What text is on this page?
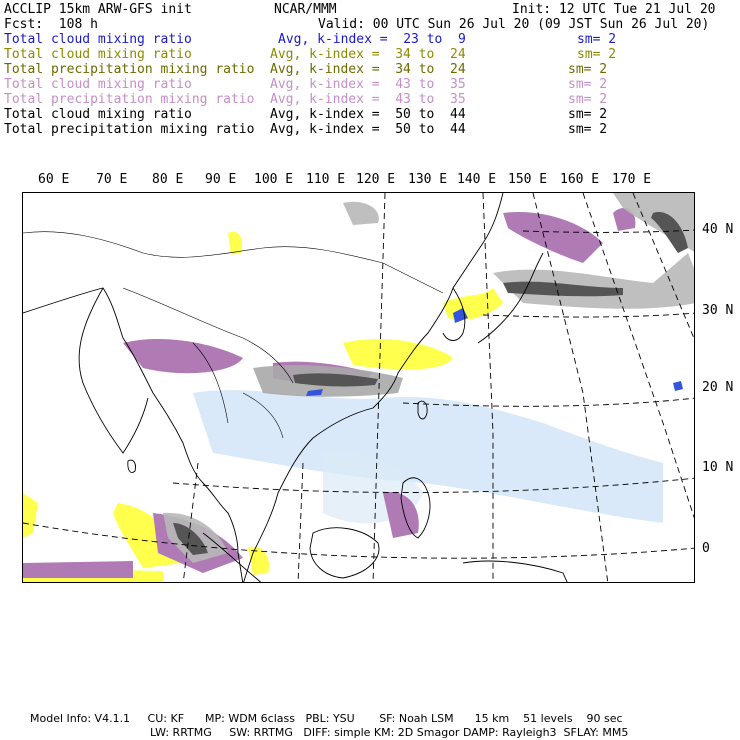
ACCLIP 15km ARW-GFS init	NCAR/MMM	Init: 12 UTC Tue 21 Jul 20
Fcst:  108 h	Valid: 00 UTC Sun 26 Jul 20 (09 JST Sun 26 Jul 20)
Total cloud mixing ratio	Avg, k-index =  23 to  9	sm= 2
Total cloud mixing ratio	Avg, k-index =  34 to  24	sm= 2
Total precipitation mixing ratio Avg, k-index =  34 to  24	sm= 2
Total cloud mixing ratio	Avg, k-index =  43 to  35	sm= 2
Total precipitation mixing ratio Avg, k-index =  43 to  35	sm= 2
Total cloud mixing ratio	Avg, k-index =  50 to  44	sm= 2
Total precipitation mixing ratio Avg, k-index =  50 to  44	sm= 2
60 E 70 E 80 E 90 E 100 E 110 E 120 E 130 E 140 E 150 E 160 E 170 E
40 N
30 N
20 N
10 N
0
Model Info: V4.1.1     CU: KF      MP: WDM 6class   PBL: YSU       SF: Noah LSM      15 km    51 levels    90 sec
LW: RRTMG     SW: RRTMG   DIFF: simple KM: 2D Smagor DAMP: Rayleigh3  SFLAY: MM5
